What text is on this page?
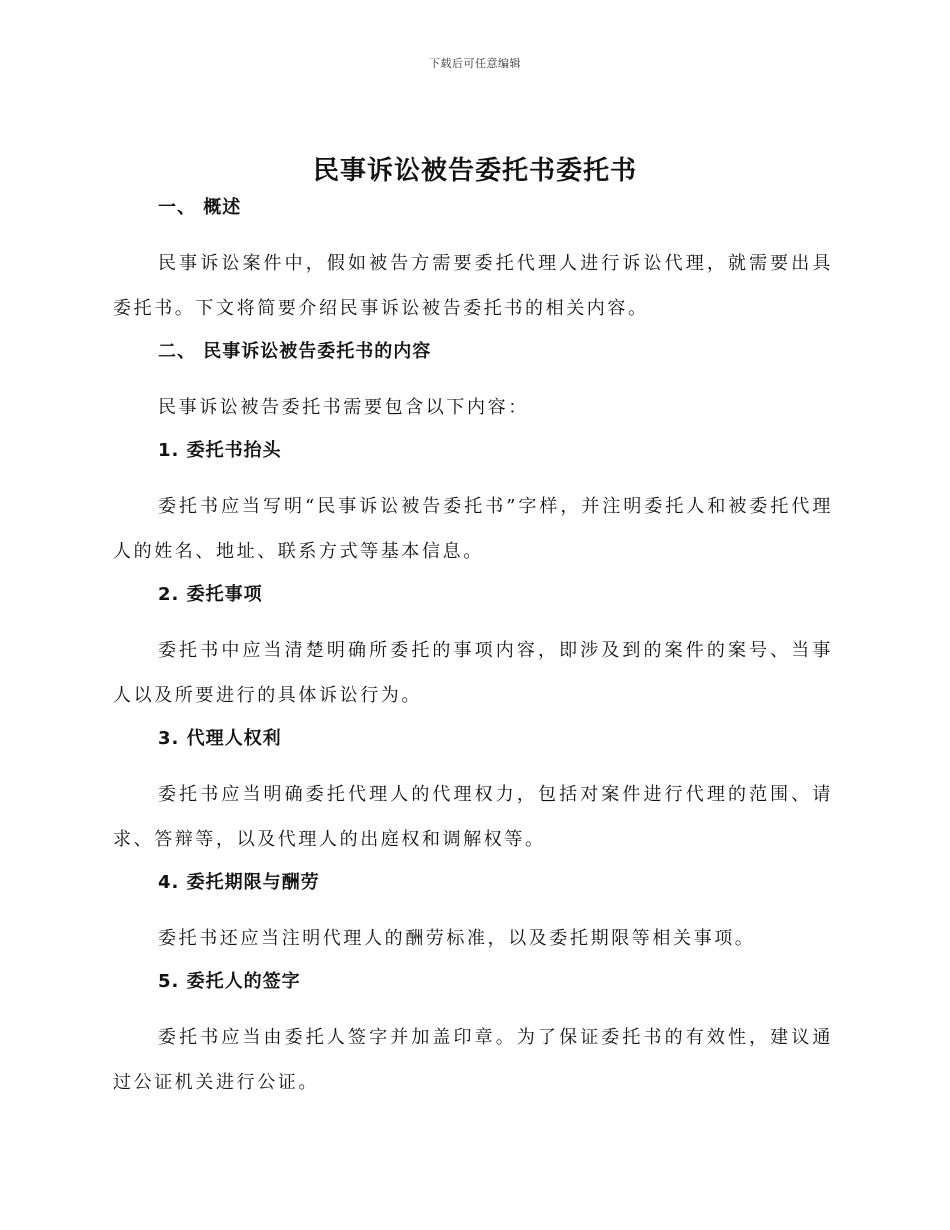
下载后可任意编辑
民事诉讼被告委托书委托书
一、 概述

民事诉讼案件中，假如被告方需要委托代理人进行诉讼代理，就需要出具委托书。下文将简要介绍民事诉讼被告委托书的相关内容。

二、 民事诉讼被告委托书的内容

民事诉讼被告委托书需要包含以下内容：

1. 委托书抬头

委托书应当写明“民事诉讼被告委托书”字样，并注明委托人和被委托代理人的姓名、地址、联系方式等基本信息。

2. 委托事项

委托书中应当清楚明确所委托的事项内容，即涉及到的案件的案号、当事人以及所要进行的具体诉讼行为。

3. 代理人权利

委托书应当明确委托代理人的代理权力，包括对案件进行代理的范围、请求、答辩等，以及代理人的出庭权和调解权等。

4. 委托期限与酬劳

委托书还应当注明代理人的酬劳标准，以及委托期限等相关事项。

5. 委托人的签字

委托书应当由委托人签字并加盖印章。为了保证委托书的有效性，建议通过公证机关进行公证。
